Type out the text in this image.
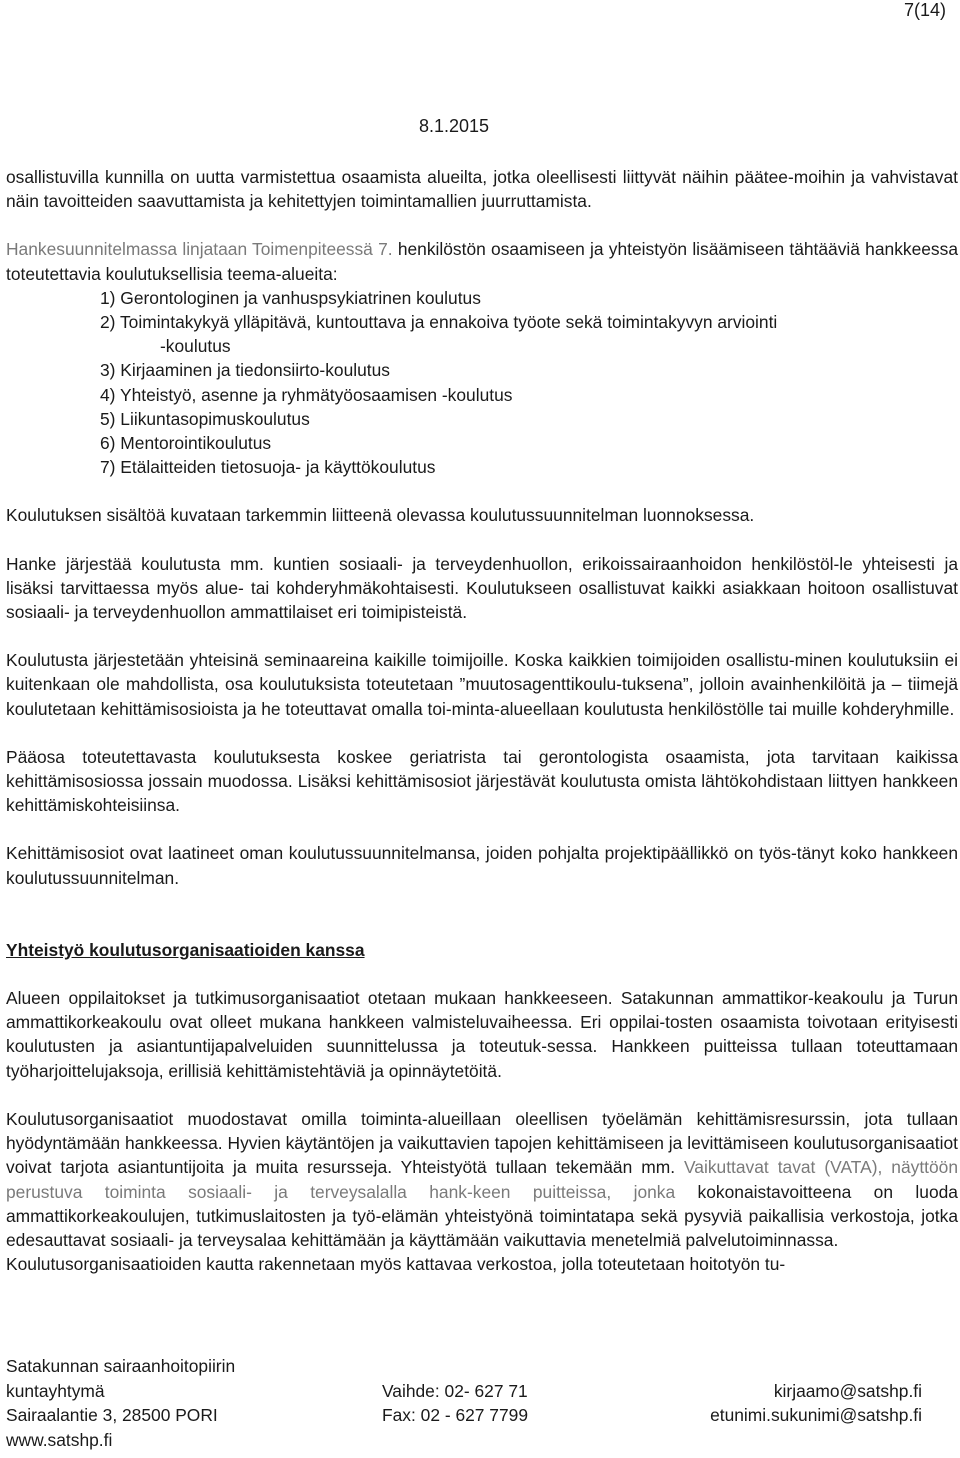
7(14)
8.1.2015

osallistuvilla kunnilla on uutta varmistettua osaamista alueilta, jotka oleellisesti liittyvät näihin päätee-moihin ja vahvistavat näin tavoitteiden saavuttamista ja kehitettyjen toimintamallien juurruttamista.

Hankesuunnitelmassa linjataan Toimenpiteessä 7. henkilöstön osaamiseen ja yhteistyön lisäämiseen tähtääviä hankkeessa toteutettavia koulutuksellisia teema-alueita:

1) Gerontologinen ja vanhuspsykiatrinen koulutus
2) Toimintakykyä ylläpitävä, kuntouttava ja ennakoiva työote sekä toimintakyvyn arviointi
-koulutus
3) Kirjaaminen ja tiedonsiirto-koulutus
4) Yhteistyö, asenne ja ryhmätyöosaamisen -koulutus
5) Liikuntasopimuskoulutus
6) Mentorointikoulutus
7) Etälaitteiden tietosuoja- ja käyttökoulutus

Koulutuksen sisältöä kuvataan tarkemmin liitteenä olevassa koulutussuunnitelman luonnoksessa.

Hanke järjestää koulutusta mm. kuntien sosiaali- ja terveydenhuollon, erikoissairaanhoidon henkilöstöl-le yhteisesti ja lisäksi tarvittaessa myös alue- tai kohderyhmäkohtaisesti. Koulutukseen osallistuvat kaikki asiakkaan hoitoon osallistuvat sosiaali- ja terveydenhuollon ammattilaiset eri toimipisteistä.

Koulutusta järjestetään yhteisinä seminaareina kaikille toimijoille. Koska kaikkien toimijoiden osallistu-minen koulutuksiin ei kuitenkaan ole mahdollista, osa koulutuksista toteutetaan ”muutosagenttikoulu-tuksena”, jolloin avainhenkilöitä ja – tiimejä koulutetaan kehittämisosioista ja he toteuttavat omalla toi-minta-alueellaan koulutusta henkilöstölle tai muille kohderyhmille.

Pääosa toteutettavasta koulutuksesta koskee geriatrista tai gerontologista osaamista, jota tarvitaan kaikissa kehittämisosiossa jossain muodossa. Lisäksi kehittämisosiot järjestävät koulutusta omista lähtökohdistaan liittyen hankkeen kehittämiskohteisiinsa.

Kehittämisosiot ovat laatineet oman koulutussuunnitelmansa, joiden pohjalta projektipäällikkö on työs-tänyt koko hankkeen koulutussuunnitelman.

Yhteistyö koulutusorganisaatioiden kanssa

Alueen oppilaitokset ja tutkimusorganisaatiot otetaan mukaan hankkeeseen. Satakunnan ammattikor-keakoulu ja Turun ammattikorkeakoulu ovat olleet mukana hankkeen valmisteluvaiheessa. Eri oppilai-tosten osaamista toivotaan erityisesti koulutusten ja asiantuntijapalveluiden suunnittelussa ja toteutuk-sessa. Hankkeen puitteissa tullaan toteuttamaan työharjoittelujaksoja, erillisiä kehittämistehtäviä ja opinnäytetöitä.

Koulutusorganisaatiot muodostavat omilla toiminta-alueillaan oleellisen työelämän kehittämisresurssin, jota tullaan hyödyntämään hankkeessa. Hyvien käytäntöjen ja vaikuttavien tapojen kehittämiseen ja levittämiseen koulutusorganisaatiot voivat tarjota asiantuntijoita ja muita resursseja. Yhteistyötä tullaan tekemään mm. Vaikuttavat tavat (VATA), näyttöön perustuva toiminta sosiaali- ja terveysalalla hank-keen puitteissa, jonka kokonaistavoitteena on luoda ammattikorkeakoulujen, tutkimuslaitosten ja työ-elämän yhteistyönä toimintatapa sekä pysyviä paikallisia verkostoja, jotka edesauttavat sosiaali- ja terveysalaa kehittämään ja käyttämään vaikuttavia menetelmiä palvelutoiminnassa.

Koulutusorganisaatioiden kautta rakennetaan myös kattavaa verkostoa, jolla toteutetaan hoitotyön tu-

Satakunnan sairaanhoitopiirin
kuntayhtymä	Vaihde: 02- 627 71	kirjaamo@satshp.fi
Sairaalantie 3, 28500 PORI	Fax: 02 - 627 7799	etunimi.sukunimi@satshp.fi
www.satshp.fi
